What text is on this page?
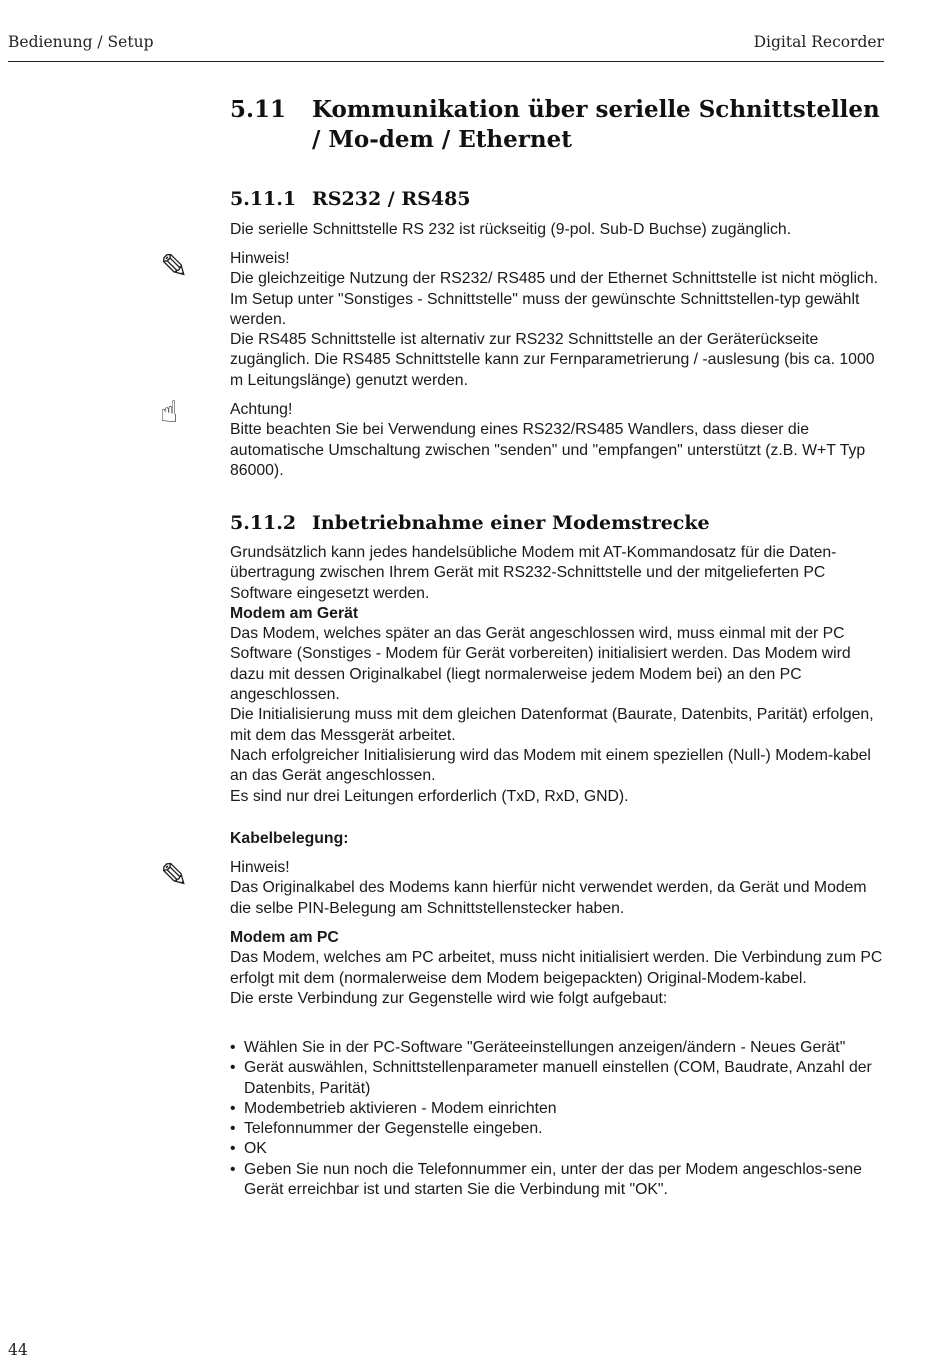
Bedienung / Setup	Digital Recorder
5.11 Kommunikation über serielle Schnittstellen / Mo-dem / Ethernet
5.11.1 RS232 / RS485

Die serielle Schnittstelle RS 232 ist rückseitig (9-pol. Sub-D Buchse) zugänglich.

✎	Hinweis!

Die gleichzeitige Nutzung der RS232/ RS485 und der Ethernet Schnittstelle ist nicht möglich. Im Setup unter "Sonstiges - Schnittstelle" muss der gewünschte Schnittstellen-typ gewählt werden.

Die RS485 Schnittstelle ist alternativ zur RS232 Schnittstelle an der Geräterückseite zugänglich. Die RS485 Schnittstelle kann zur Fernparametrierung / -auslesung (bis ca. 1000 m Leitungslänge) genutzt werden.

☝	Achtung!

Bitte beachten Sie bei Verwendung eines RS232/RS485 Wandlers, dass dieser die automatische Umschaltung zwischen "senden" und "empfangen" unterstützt (z.B. W+T Typ 86000).

5.11.2 Inbetriebnahme einer Modemstrecke

Grundsätzlich kann jedes handelsübliche Modem mit AT-Kommandosatz für die Daten-übertragung zwischen Ihrem Gerät mit RS232-Schnittstelle und der mitgelieferten PC Software eingesetzt werden.

Modem am Gerät

Das Modem, welches später an das Gerät angeschlossen wird, muss einmal mit der PC Software (Sonstiges - Modem für Gerät vorbereiten) initialisiert werden. Das Modem wird dazu mit dessen Originalkabel (liegt normalerweise jedem Modem bei) an den PC angeschlossen.

Die Initialisierung muss mit dem gleichen Datenformat (Baurate, Datenbits, Parität) erfolgen, mit dem das Messgerät arbeitet.

Nach erfolgreicher Initialisierung wird das Modem mit einem speziellen (Null-) Modem-kabel an das Gerät angeschlossen.

Es sind nur drei Leitungen erforderlich (TxD, RxD, GND).

Kabelbelegung:

✎	Hinweis!

Das Originalkabel des Modems kann hierfür nicht verwendet werden, da Gerät und Modem die selbe PIN-Belegung am Schnittstellenstecker haben.

Modem am PC

Das Modem, welches am PC arbeitet, muss nicht initialisiert werden. Die Verbindung zum PC erfolgt mit dem (normalerweise dem Modem beigepackten) Original-Modem-kabel.

Die erste Verbindung zur Gegenstelle wird wie folgt aufgebaut:

• Wählen Sie in der PC-Software "Geräteeinstellungen anzeigen/ändern - Neues Gerät"
• Gerät auswählen, Schnittstellenparameter manuell einstellen (COM, Baudrate, Anzahl der Datenbits, Parität)
• Modembetrieb aktivieren - Modem einrichten
• Telefonnummer der Gegenstelle eingeben.
• OK
• Geben Sie nun noch die Telefonnummer ein, unter der das per Modem angeschlos-sene Gerät erreichbar ist und starten Sie die Verbindung mit "OK".
44
